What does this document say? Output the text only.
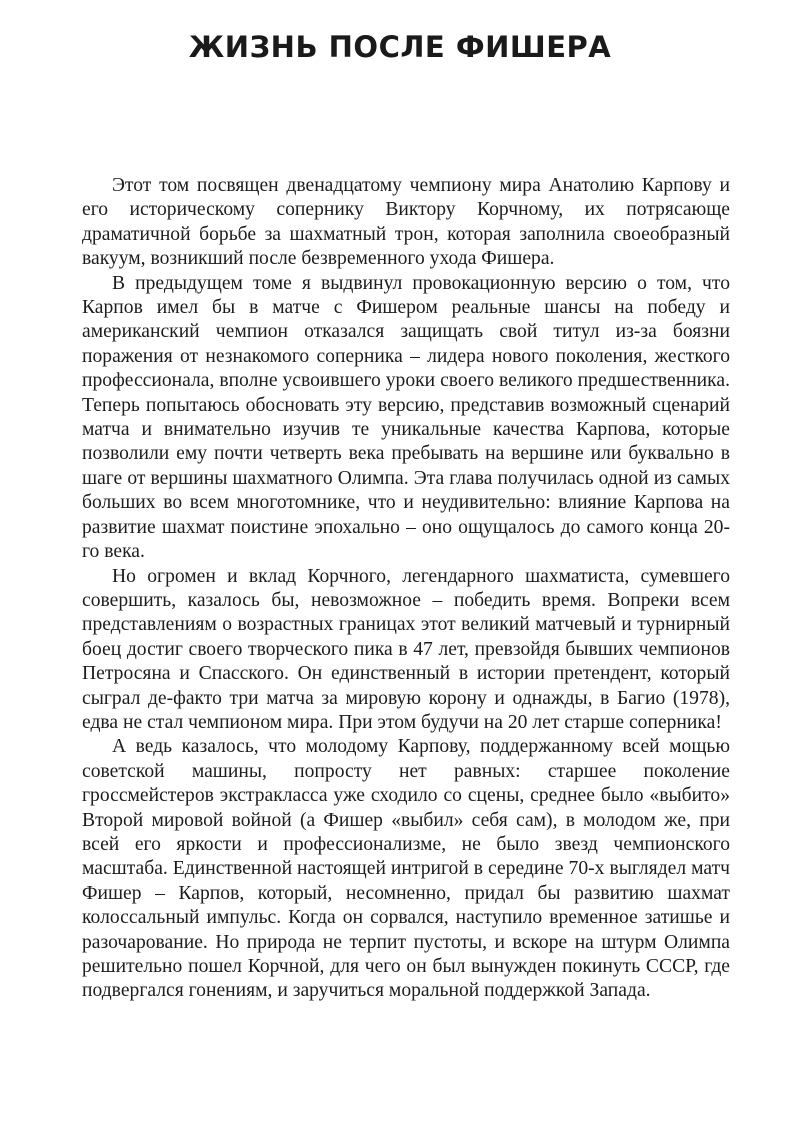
ЖИЗНЬ ПОСЛЕ ФИШЕРА

Этот том посвящен двенадцатому чемпиону мира Анатолию Карпову и его историческому сопернику Виктору Корчному, их потрясающе драматичной борьбе за шахматный трон, которая заполнила своеобразный вакуум, возникший после безвременного ухода Фишера.

В предыдущем томе я выдвинул провокационную версию о том, что Карпов имел бы в матче с Фишером реальные шансы на победу и американский чемпион отказался защищать свой титул из-за боязни поражения от незнакомого соперника – лидера нового поколения, жесткого профессионала, вполне усвоившего уроки своего великого предшественника. Теперь попытаюсь обосновать эту версию, представив возможный сценарий матча и внимательно изучив те уникальные качества Карпова, которые позволили ему почти четверть века пребывать на вершине или буквально в шаге от вершины шахматного Олимпа. Эта глава получилась одной из самых больших во всем многотомнике, что и неудивительно: влияние Карпова на развитие шахмат поистине эпохально – оно ощущалось до самого конца 20-го века.

Но огромен и вклад Корчного, легендарного шахматиста, сумевшего совершить, казалось бы, невозможное – победить время. Вопреки всем представлениям о возрастных границах этот великий матчевый и турнирный боец достиг своего творческого пика в 47 лет, превзойдя бывших чемпионов Петросяна и Спасского. Он единственный в истории претендент, который сыграл де-факто три матча за мировую корону и однажды, в Багио (1978), едва не стал чемпионом мира. При этом будучи на 20 лет старше соперника!

А ведь казалось, что молодому Карпову, поддержанному всей мощью советской машины, попросту нет равных: старшее поколение гроссмейстеров экстракласса уже сходило со сцены, среднее было «выбито» Второй мировой войной (а Фишер «выбил» себя сам), в молодом же, при всей его яркости и профессионализме, не было звезд чемпионского масштаба. Единственной настоящей интригой в середине 70-х выглядел матч Фишер – Карпов, который, несомненно, придал бы развитию шахмат колоссальный импульс. Когда он сорвался, наступило временное затишье и разочарование. Но природа не терпит пустоты, и вскоре на штурм Олимпа решительно пошел Корчной, для чего он был вынужден покинуть СССР, где подвергался гонениям, и заручиться моральной поддержкой Запада.
